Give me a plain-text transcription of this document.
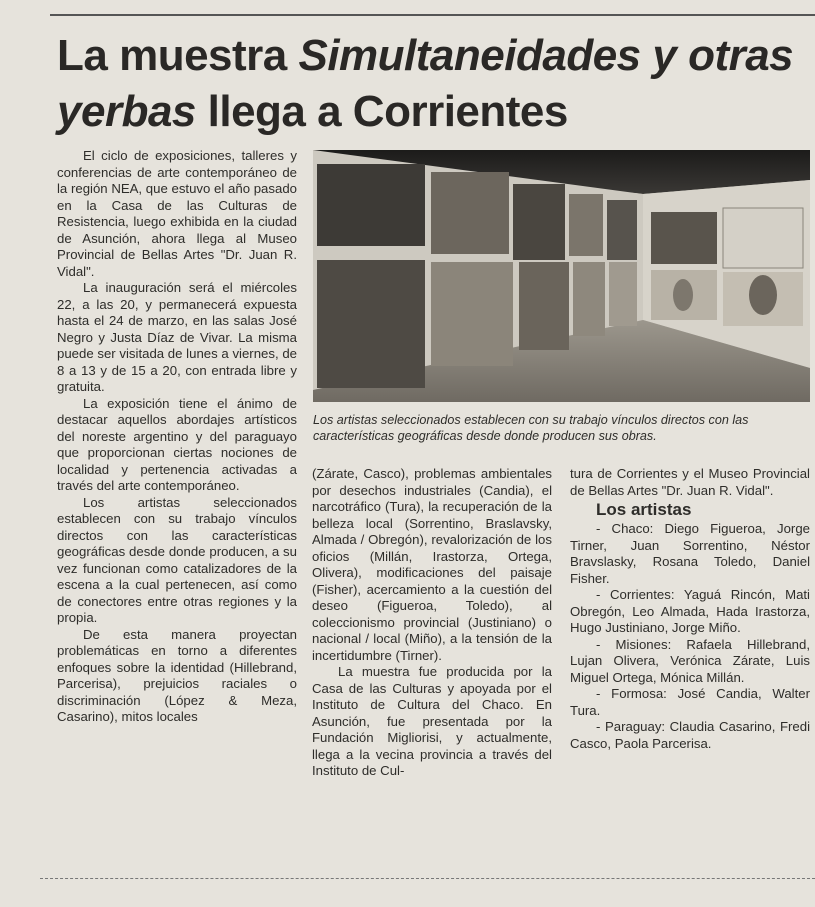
La muestra Simultaneidades y otras yerbas llega a Corrientes

El ciclo de exposiciones, talleres y conferencias de arte contemporáneo de la región NEA, que estuvo el año pasado en la Casa de las Culturas de Resistencia, luego exhibida en la ciudad de Asunción, ahora llega al Museo Provincial de Bellas Artes "Dr. Juan R. Vidal".

La inauguración será el miércoles 22, a las 20, y permanecerá expuesta hasta el 24 de marzo, en las salas José Negro y Justa Díaz de Vivar. La misma puede ser visitada de lunes a viernes, de 8 a 13 y de 15 a 20, con entrada libre y gratuita.

La exposición tiene el ánimo de destacar aquellos abordajes artísticos del noreste argentino y del paraguayo que proporcionan ciertas nociones de localidad y pertenencia activadas a través del arte contemporáneo.

Los artistas seleccionados establecen con su trabajo vínculos directos con las características geográficas desde donde producen, a su vez funcionan como catalizadores de la escena a la cual pertenecen, así como de conectores entre otras regiones y la propia.

De esta manera proyectan problemáticas en torno a diferentes enfoques sobre la identidad (Hillebrand, Parcerisa), prejuicios raciales o discriminación (López & Meza, Casarino), mitos locales

Los artistas seleccionados establecen con su trabajo vínculos directos con las características geográficas desde donde producen sus obras.

(Zárate, Casco), problemas ambientales por desechos industriales (Candia), el narcotráfico (Tura), la recuperación de la belleza local (Sorrentino, Braslavsky, Almada / Obregón), revalorización de los oficios (Millán, Irastorza, Ortega, Olivera), modificaciones del paisaje (Fisher), acercamiento a la cuestión del deseo (Figueroa, Toledo), al coleccionismo provincial (Justiniano) o nacional / local (Miño), a la tensión de la incertidumbre (Tirner).

La muestra fue producida por la Casa de las Culturas y apoyada por el Instituto de Cultura del Chaco. En Asunción, fue presentada por la Fundación Migliorisi, y actualmente, llega a la vecina provincia a través del Instituto de Cul-

tura de Corrientes y el Museo Provincial de Bellas Artes "Dr. Juan R. Vidal".

Los artistas

- Chaco: Diego Figueroa, Jorge Tirner, Juan Sorrentino, Néstor Bravslasky, Rosana Toledo, Daniel Fisher.

- Corrientes: Yaguá Rincón, Mati Obregón, Leo Almada, Hada Irastorza, Hugo Justiniano, Jorge Miño.

- Misiones: Rafaela Hillebrand, Lujan Olivera, Verónica Zárate, Luis Miguel Ortega, Mónica Millán.

- Formosa: José Candia, Walter Tura.

- Paraguay: Claudia Casarino, Fredi Casco, Paola Parcerisa.
